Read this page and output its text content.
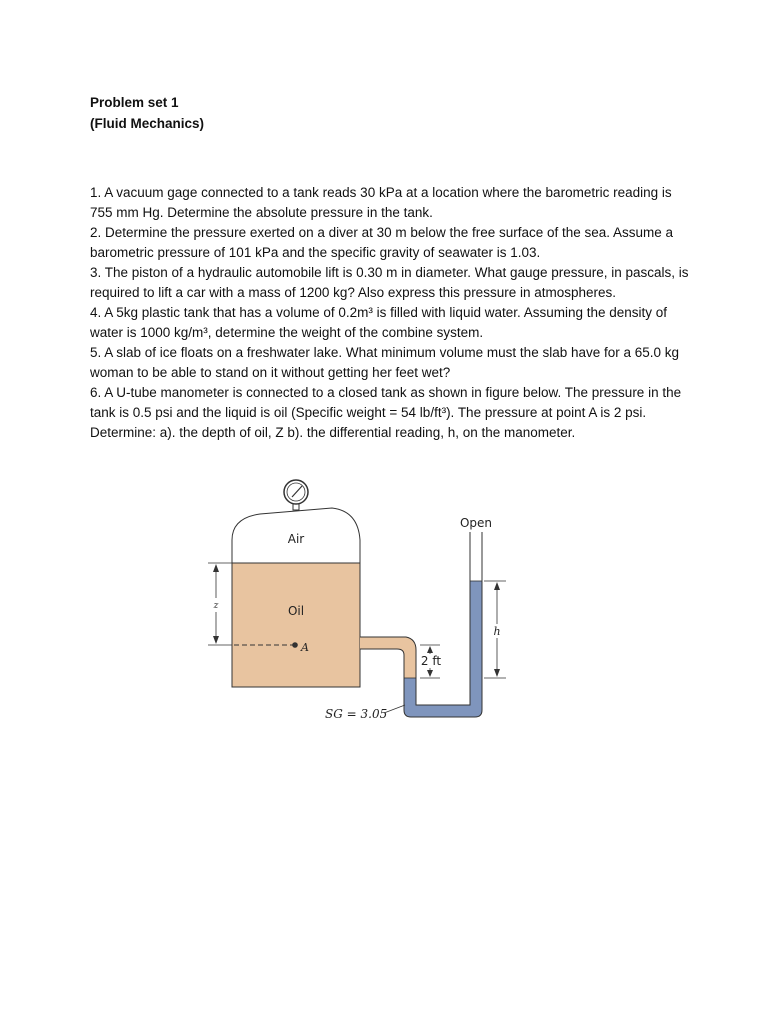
Problem set 1
(Fluid Mechanics)

1. A vacuum gage connected to a tank reads 30 kPa at a location where the barometric reading is 755 mm Hg. Determine the absolute pressure in the tank.

2. Determine the pressure exerted on a diver at 30 m below the free surface of the sea. Assume a barometric pressure of 101 kPa and the specific gravity of seawater is 1.03.

3. The piston of a hydraulic automobile lift is 0.30 m in diameter. What gauge pressure, in pascals, is required to lift a car with a mass of 1200 kg? Also express this pressure in atmospheres.

4. A 5kg plastic tank that has a volume of 0.2m³ is filled with liquid water. Assuming the density of water is 1000 kg/m³, determine the weight of the combine system.

5. A slab of ice floats on a freshwater lake. What minimum volume must the slab have for a 65.0 kg woman to be able to stand on it without getting her feet wet?

6. A U-tube manometer is connected to a closed tank as shown in figure below. The pressure in the tank is 0.5 psi and the liquid is oil (Specific weight = 54 lb/ft³). The pressure at point A is 2 psi. Determine: a). the depth of oil, Z b). the differential reading, h, on the manometer.

z
A
Air
Oil
Open
h
2 ft
SG = 3.05
